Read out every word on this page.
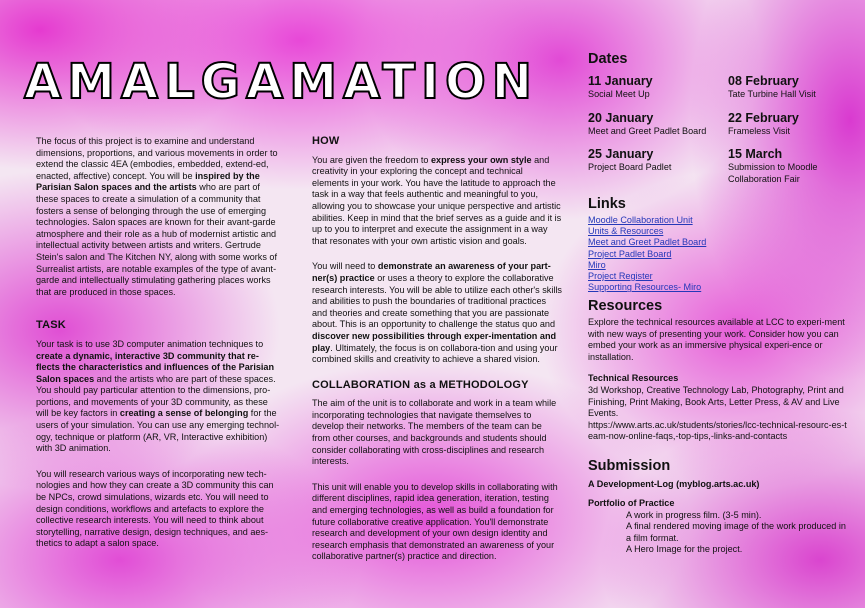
AMALGAMATION

The focus of this project is to examine and understand dimensions, proportions, and various movements in order to extend the classic 4EA (embodies, embedded, extend-ed, enacted, affective) concept. You will be inspired by the Parisian Salon spaces and the artists who are part of these spaces to create a simulation of a community that fosters a sense of belonging through the use of emerging technologies. Salon spaces are known for their avant-garde atmosphere and their role as a hub of modernist artistic and intellectual activity between artists and writers. Gertrude Stein's salon and The Kitchen NY, along with some works of Surrealist artists, are notable examples of the type of avant-garde and intellectually stimulating gathering places works that are produced in those spaces.

TASK

Your task is to use 3D computer animation techniques to create a dynamic, interactive 3D community that re-flects the characteristics and influences of the Parisian Salon spaces and the artists who are part of these spaces. You should pay particular attention to the dimensions, pro-portions, and movements of your 3D community, as these will be key factors in creating a sense of belonging for the users of your simulation. You can use any emerging technol-ogy, technique or platform (AR, VR, Interactive exhibition) with 3D animation.

You will research various ways of incorporating new tech-nologies and how they can create a 3D community this can be NPCs, crowd simulations, wizards etc. You will need to design conditions, workflows and artefacts to explore the collective research interests. You will need to think about storytelling, narrative design, design techniques, and aes-thetics to adapt a salon space.

HOW

You are given the freedom to express your own style and creativity in your exploring the concept and technical elements in your work. You have the latitude to approach the task in a way that feels authentic and meaningful to you, allowing you to showcase your unique perspective and artistic abilities. Keep in mind that the brief serves as a guide and it is up to you to interpret and execute the assignment in a way that resonates with your own artistic vision and goals.

You will need to demonstrate an awareness of your part-ner(s) practice or uses a theory to explore the collaborative research interests. You will be able to utilize each other's skills and abilities to push the boundaries of traditional practices and theories and create something that you are passionate about. This is an opportunity to challenge the status quo and discover new possibilities through exper-imentation and play. Ultimately, the focus is on collabora-tion and using your combined skills and creativity to achieve a shared vision.

COLLABORATION as a METHODOLOGY

The aim of the unit is to collaborate and work in a team while incorporating technologies that navigate themselves to develop their networks. The members of the team can be from other courses, and backgrounds and students should consider collaborating with cross-disciplines and research interests.

This unit will enable you to develop skills in collaborating with different disciplines, rapid idea generation, iteration, testing and emerging technologies, as well as build a foundation for future collaborative creative application. You'll demonstrate research and development of your own design identity and research emphasis that demonstrated an awareness of your collaborative partner(s) practice and direction.

Dates
11 January
Social Meet Up
08 February
Tate Turbine Hall Visit
20 January
Meet and Greet Padlet Board
22 February
Frameless Visit
25 January
Project Board Padlet
15 March
Submission to Moodle Collaboration Fair
Links
Moodle Collaboration Unit
Units & Resources
Meet and Greet Padlet Board
Project Padlet Board
Miro
Project Register
Supporting Resources- Miro
Resources

Explore the technical resources available at LCC to experi-ment with new ways of presenting your work. Consider how you can embed your work as an immersive physical experi-ence or installation.

Technical Resources

3d Workshop, Creative Technology Lab, Photography, Print and Finishing, Print Making, Book Arts, Letter Press, & AV and Live Events.

https://www.arts.ac.uk/students/stories/lcc-technical-resourc-es-team-now-online-faqs,-top-tips,-links-and-contacts

Submission

A Development-Log (myblog.arts.ac.uk)

Portfolio of Practice

A work in progress film. (3-5 min).

A final rendered moving image of the work produced in a film format.

A Hero Image for the project.
